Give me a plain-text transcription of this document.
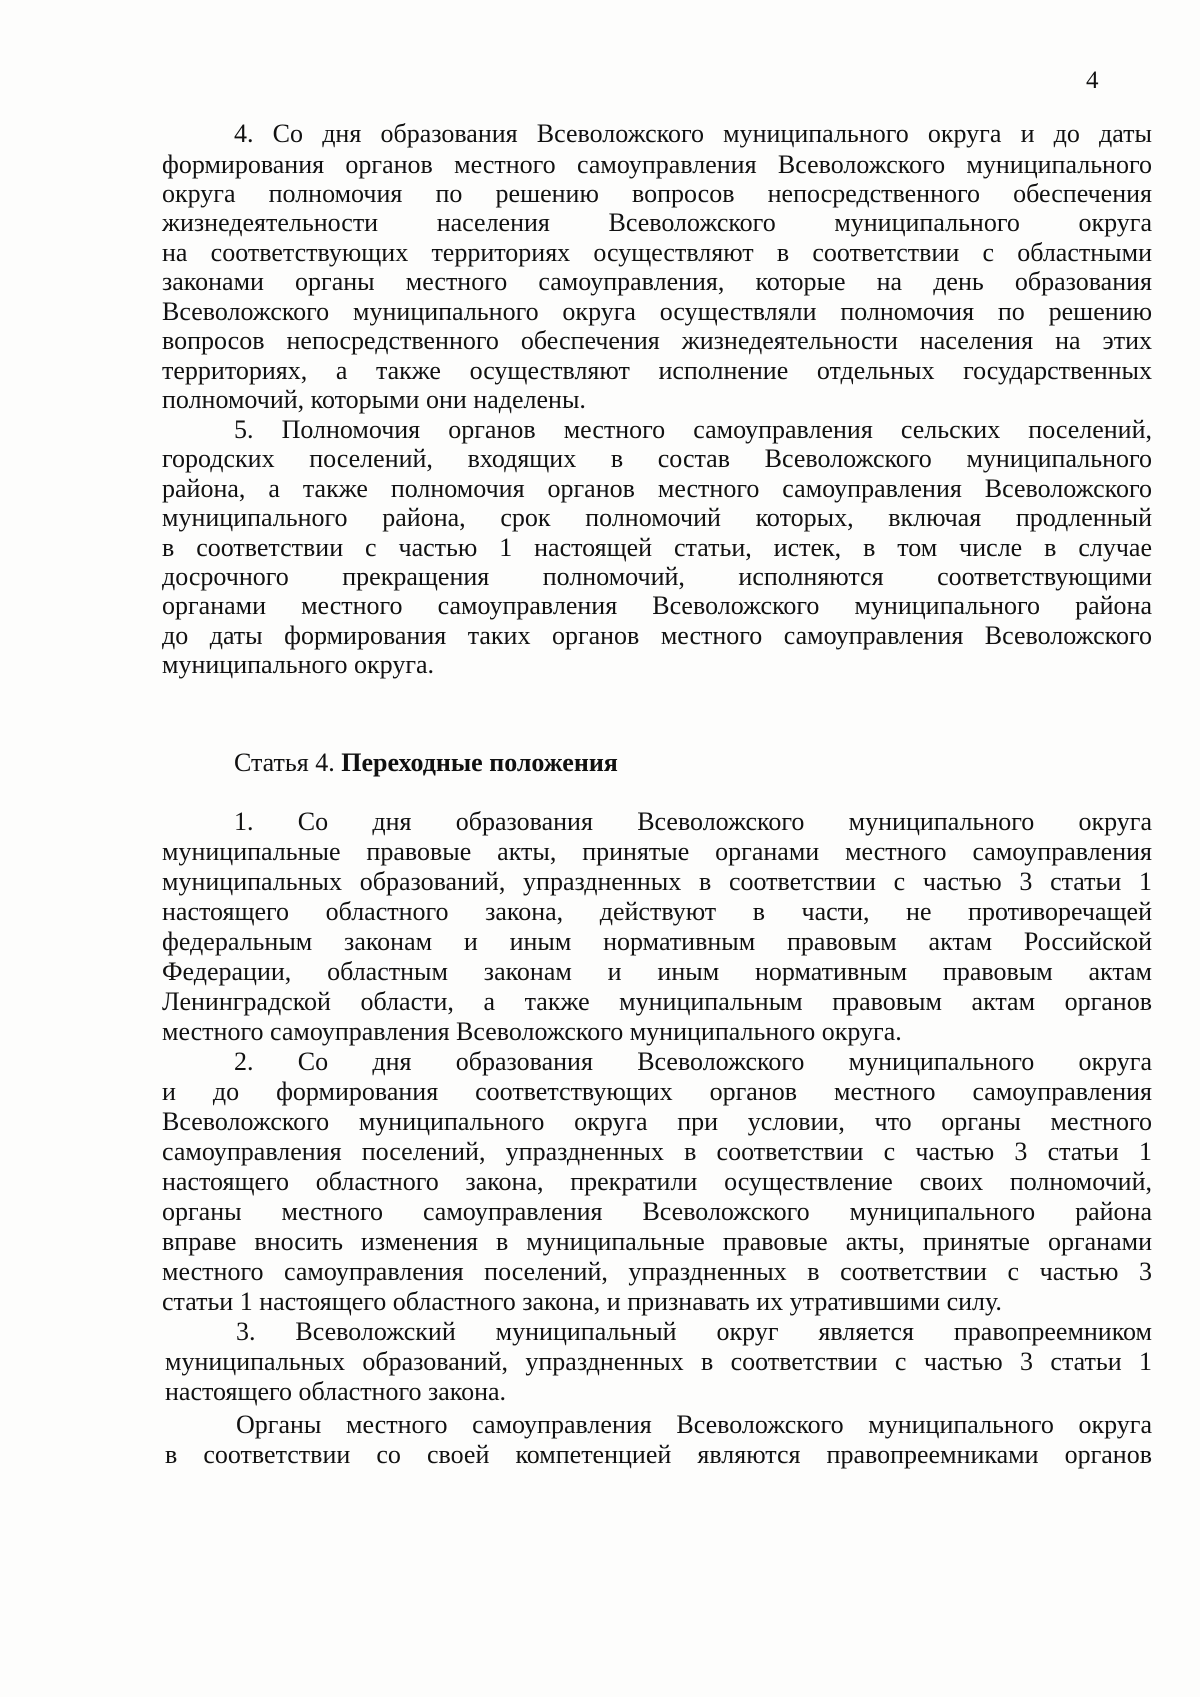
4
4. Со дня образования Всеволожского муниципального округа и до даты
формирования органов местного самоуправления Всеволожского муниципального
округа полномочия по решению вопросов непосредственного обеспечения
жизнедеятельности населения Всеволожского муниципального округа
на соответствующих территориях осуществляют в соответствии с областными
законами органы местного самоуправления, которые на день образования
Всеволожского муниципального округа осуществляли полномочия по решению
вопросов непосредственного обеспечения жизнедеятельности населения на этих
территориях, а также осуществляют исполнение отдельных государственных
полномочий, которыми они наделены.
5. Полномочия органов местного самоуправления сельских поселений,
городских поселений, входящих в состав Всеволожского муниципального
района, а также полномочия органов местного самоуправления Всеволожского
муниципального района, срок полномочий которых, включая продленный
в соответствии с частью 1 настоящей статьи, истек, в том числе в случае
досрочного прекращения полномочий, исполняются соответствующими
органами местного самоуправления Всеволожского муниципального района
до даты формирования таких органов местного самоуправления Всеволожского
муниципального округа.
Статья 4. Переходные положения
1. Со дня образования Всеволожского муниципального округа
муниципальные правовые акты, принятые органами местного самоуправления
муниципальных образований, упраздненных в соответствии с частью 3 статьи 1
настоящего областного закона, действуют в части, не противоречащей
федеральным законам и иным нормативным правовым актам Российской
Федерации, областным законам и иным нормативным правовым актам
Ленинградской области, а также муниципальным правовым актам органов
местного самоуправления Всеволожского муниципального округа.
2. Со дня образования Всеволожского муниципального округа
и до формирования соответствующих органов местного самоуправления
Всеволожского муниципального округа при условии, что органы местного
самоуправления поселений, упраздненных в соответствии с частью 3 статьи 1
настоящего областного закона, прекратили осуществление своих полномочий,
органы местного самоуправления Всеволожского муниципального района
вправе вносить изменения в муниципальные правовые акты, принятые органами
местного самоуправления поселений, упраздненных в соответствии с частью 3
статьи 1 настоящего областного закона, и признавать их утратившими силу.
3. Всеволожский муниципальный округ является правопреемником
муниципальных образований, упраздненных в соответствии с частью 3 статьи 1
настоящего областного закона.
Органы местного самоуправления Всеволожского муниципального округа
в соответствии со своей компетенцией являются правопреемниками органов
